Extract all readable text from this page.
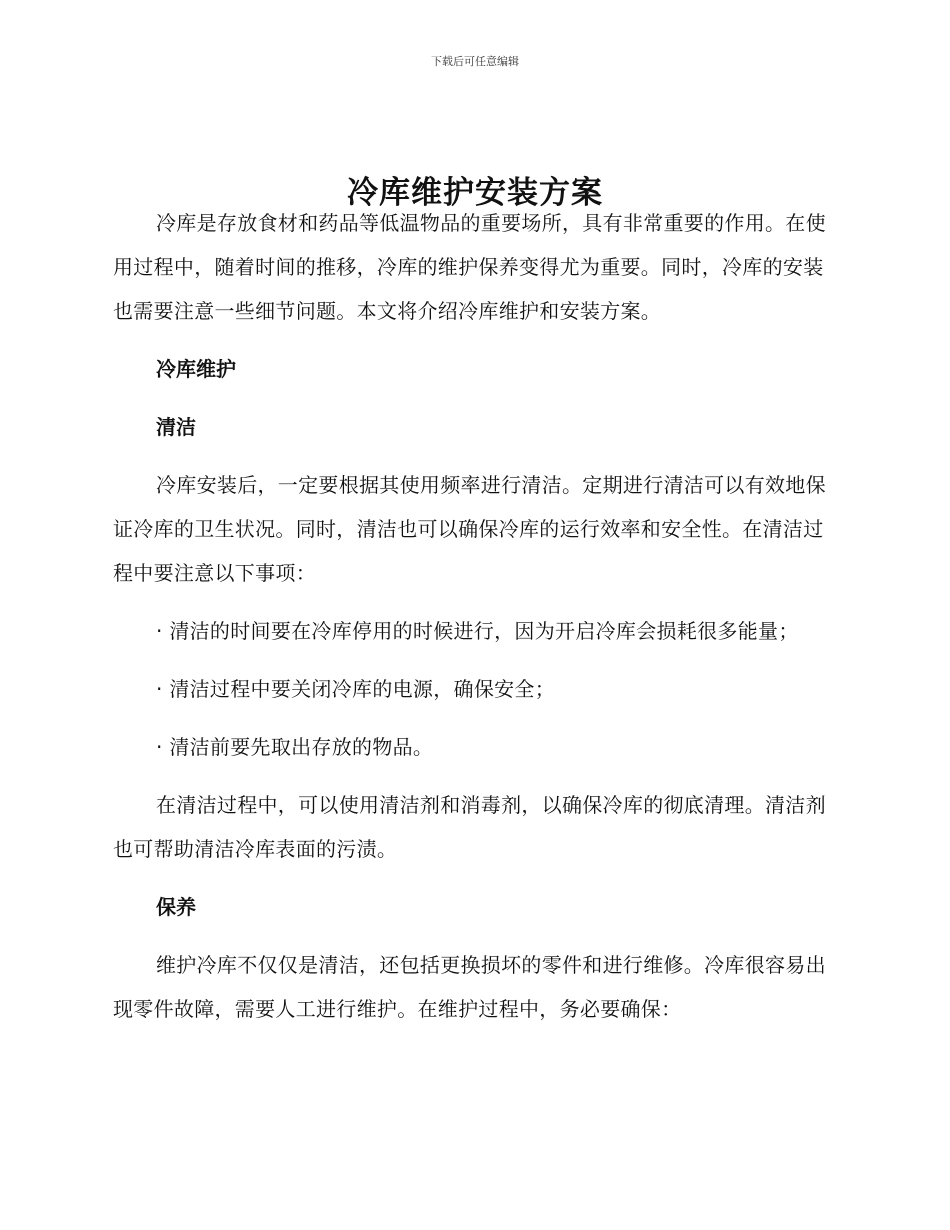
下载后可任意编辑
冷库维护安装方案

冷库是存放食材和药品等低温物品的重要场所，具有非常重要的作用。在使用过程中，随着时间的推移，冷库的维护保养变得尤为重要。同时，冷库的安装也需要注意一些细节问题。本文将介绍冷库维护和安装方案。

冷库维护

清洁

冷库安装后，一定要根据其使用频率进行清洁。定期进行清洁可以有效地保证冷库的卫生状况。同时，清洁也可以确保冷库的运行效率和安全性。在清洁过程中要注意以下事项：

· 清洁的时间要在冷库停用的时候进行，因为开启冷库会损耗很多能量；

· 清洁过程中要关闭冷库的电源，确保安全；

· 清洁前要先取出存放的物品。

在清洁过程中，可以使用清洁剂和消毒剂，以确保冷库的彻底清理。清洁剂也可帮助清洁冷库表面的污渍。

保养

维护冷库不仅仅是清洁，还包括更换损坏的零件和进行维修。冷库很容易出现零件故障，需要人工进行维护。在维护过程中，务必要确保：
